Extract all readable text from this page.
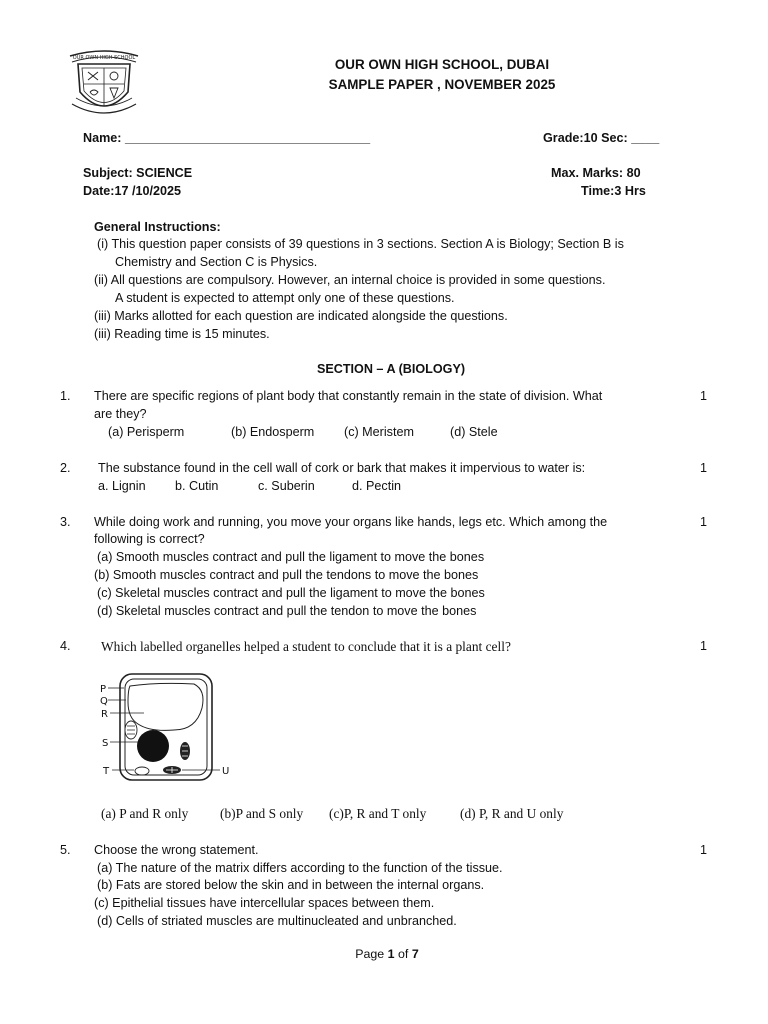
OUR OWN HIGH SCHOOL	OUR OWN HIGH SCHOOL, DUBAI
SAMPLE PAPER , NOVEMBER 2025
Name: ___________________________________	Grade:10 Sec: ____
Subject: SCIENCE	Max. Marks: 80
Date:17 /10/2025	Time:3 Hrs
General Instructions:
(i) This question paper consists of 39 questions in 3 sections. Section A is Biology; Section B is
Chemistry and Section C is Physics.
(ii) All questions are compulsory. However, an internal choice is provided in some questions.
A student is expected to attempt only one of these questions.
(iii) Marks allotted for each question are indicated alongside the questions.
(iii) Reading time is 15 minutes.
SECTION – A (BIOLOGY)
1. There are specific regions of plant body that constantly remain in the state of division. What
are they?
1
(a) Perisperm	(b) Endosperm (c) Meristem	(d) Stele
2. The substance found in the cell wall of cork or bark that makes it impervious to water is:	1
a. Lignin b. Cutin	c. Suberin	d. Pectin
3. While doing work and running, you move your organs like hands, legs etc. Which among the
following is correct?
1
(a) Smooth muscles contract and pull the ligament to move the bones
(b) Smooth muscles contract and pull the tendons to move the bones
(c) Skeletal muscles contract and pull the ligament to move the bones
(d) Skeletal muscles contract and pull the tendon to move the bones
4. Which labelled organelles helped a student to conclude that it is a plant cell?	1
P
Q
R
S
T	U
(a) P and R only (b)P and S only (c)P, R and T only	(d) P, R and U only
5. Choose the wrong statement.	1
(a) The nature of the matrix differs according to the function of the tissue.
(b) Fats are stored below the skin and in between the internal organs.
(c) Epithelial tissues have intercellular spaces between them.
(d) Cells of striated muscles are multinucleated and unbranched.
Page 1 of 7
